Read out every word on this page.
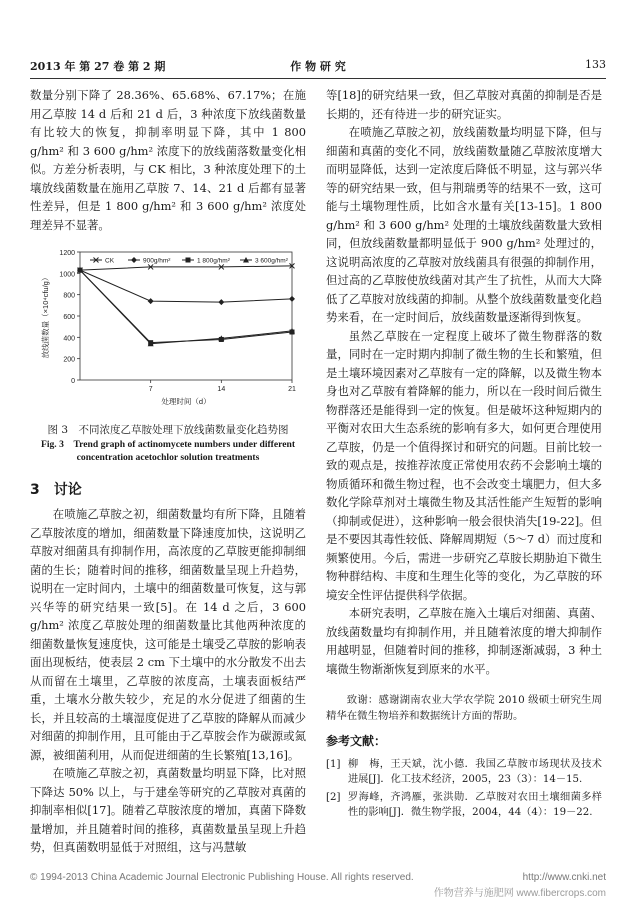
2013 年 第 27 卷 第 2 期	作 物 研 究	133

数量分别下降了 28.36%、65.68%、67.17%；在施用乙草胺 14 d 后和 21 d 后，3 种浓度下放线菌数量有比较大的恢复，抑制率明显下降，其中 1 800 g/hm² 和 3 600 g/hm² 浓度下的放线菌落数量变化相似。方差分析表明，与 CK 相比，3 种浓度处理下的土壤放线菌数量在施用乙草胺 7、14、21 d 后都有显著性差异，但是 1 800 g/hm² 和 3 600 g/hm² 浓度处理差异不显著。

0
200
400
600
800
1000
1200
7	14	21
处理时间（d）
放线菌数量（×10⁴cfu/g）
CK	900g/hm²	1 800g/hm²	3 600g/hm²
图 3　不同浓度乙草胺处理下放线菌数量变化趋势图
Fig. 3　Trend graph of actinomycete numbers under different concentration acetochlor solution treatments
3 讨论

在喷施乙草胺之初，细菌数量均有所下降，且随着乙草胺浓度的增加，细菌数量下降速度加快，这说明乙草胺对细菌具有抑制作用，高浓度的乙草胺更能抑制细菌的生长；随着时间的推移，细菌数量呈现上升趋势，说明在一定时间内，土壤中的细菌数量可恢复，这与郭兴华等的研究结果一致[5]。在 14 d 之后，3 600 g/hm² 浓度乙草胺处理的细菌数量比其他两种浓度的细菌数量恢复速度快，这可能是土壤受乙草胺的影响表面出现板结，使表层 2 cm 下土壤中的水分散发不出去从而留在土壤里，乙草胺的浓度高，土壤表面板结严重，土壤水分散失较少，充足的水分促进了细菌的生长，并且较高的土壤湿度促进了乙草胺的降解从而减少对细菌的抑制作用，且可能由于乙草胺会作为碳源或氮源，被细菌利用，从而促进细菌的生长繁殖[13,16]。

在喷施乙草胺之初，真菌数量均明显下降，比对照下降达 50% 以上，与于建垒等研究的乙草胺对真菌的抑制率相似[17]。随着乙草胺浓度的增加，真菌下降数量增加，并且随着时间的推移，真菌数量虽呈现上升趋势，但真菌数明显低于对照组，这与冯慧敏

等[18]的研究结果一致，但乙草胺对真菌的抑制是否是长期的，还有待进一步的研究证实。

在喷施乙草胺之初，放线菌数量均明显下降，但与细菌和真菌的变化不同，放线菌数量随乙草胺浓度增大而明显降低，达到一定浓度后降低不明显，这与郭兴华等的研究结果一致，但与荆瑞勇等的结果不一致，这可能与土壤物理性质，比如含水量有关[13-15]。1 800 g/hm² 和 3 600 g/hm² 处理的土壤放线菌数量大致相同，但放线菌数量都明显低于 900 g/hm² 处理过的，这说明高浓度的乙草胺对放线菌具有很强的抑制作用，但过高的乙草胺使放线菌对其产生了抗性，从而大大降低了乙草胺对放线菌的抑制。从整个放线菌数量变化趋势来看，在一定时间后，放线菌数量逐渐得到恢复。

虽然乙草胺在一定程度上破坏了微生物群落的数量，同时在一定时期内抑制了微生物的生长和繁殖，但是土壤环境因素对乙草胺有一定的降解，以及微生物本身也对乙草胺有着降解的能力，所以在一段时间后微生物群落还是能得到一定的恢复。但是破坏这种短期内的平衡对农田大生态系统的影响有多大，如何更合理使用乙草胺，仍是一个值得探讨和研究的问题。目前比较一致的观点是，按推荐浓度正常使用农药不会影响土壤的物质循环和微生物过程，也不会改变土壤肥力，但大多数化学除草剂对土壤微生物及其活性能产生短暂的影响（抑制或促进），这种影响一般会很快消失[19-22]。但是不要因其毒性较低、降解周期短（5～7 d）而过度和频繁使用。今后，需进一步研究乙草胺长期胁迫下微生物种群结构、丰度和生理生化等的变化，为乙草胺的环境安全性评估提供科学依据。

本研究表明，乙草胺在施入土壤后对细菌、真菌、放线菌数量均有抑制作用，并且随着浓度的增大抑制作用越明显，但随着时间的推移，抑制逐渐减弱，3 种土壤微生物渐渐恢复到原来的水平。

致谢：感谢湖南农业大学农学院 2010 级硕士研究生周精华在微生物培养和数据统计方面的帮助。

参考文献：
[1] 柳　梅，王天斌，沈小德．我国乙草胺市场现状及技术进展[J]．化工技术经济，2005，23（3）：14－15.
[2] 罗海峰，齐鸿雁，张洪勋．乙草胺对农田土壤细菌多样性的影响[J]．微生物学报，2004，44（4）：19－22.
© 1994-2013 China Academic Journal Electronic Publishing House. All rights reserved.	http://www.cnki.net
作物营养与施肥网 www.fibercrops.com
